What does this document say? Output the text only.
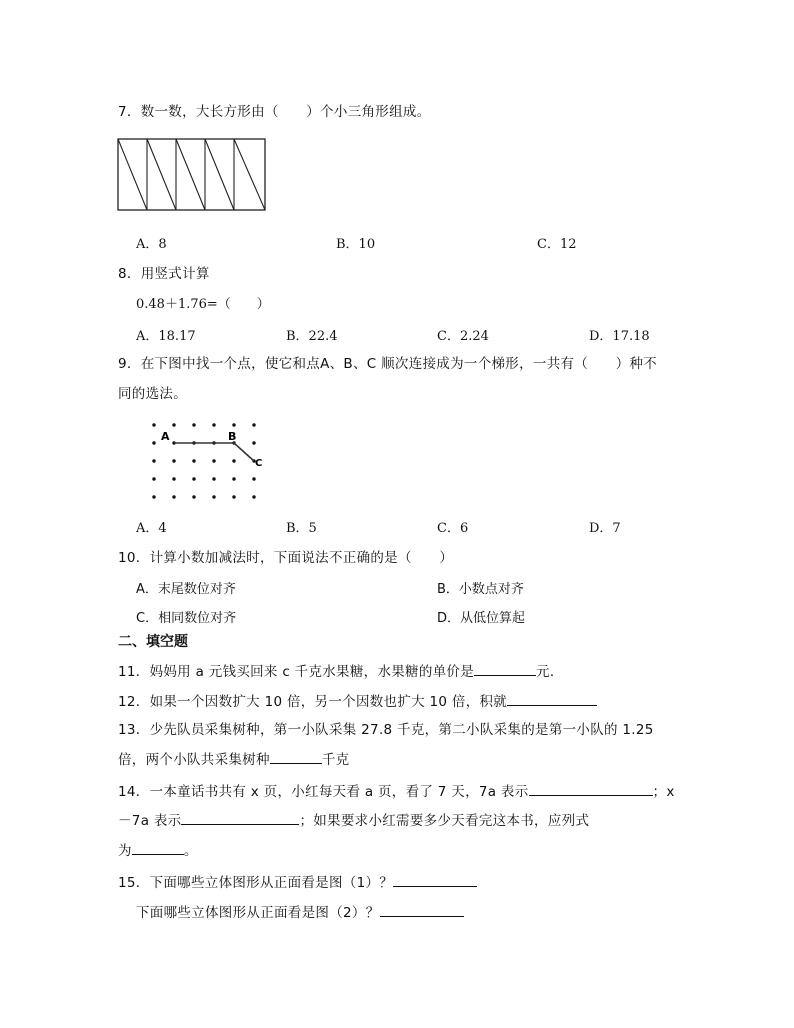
7．数一数，大长方形由（　　）个小三角形组成。
A．8	B．10	C．12
8．用竖式计算
0.48＋1.76=（　　）
A．18.17	B．22.4	C．2.24	D．17.18
9．在下图中找一个点，使它和点A、B、C 顺次连接成为一个梯形，一共有（　　）种不
同的选法。
A	B
C
A．4	B．5	C．6	D．7
10．计算小数加减法时，下面说法不正确的是（　　）
A．末尾数位对齐	B．小数点对齐
C．相同数位对齐	D．从低位算起
二、填空题
11．妈妈用 a 元钱买回来 c 千克水果糖，水果糖的单价是	元．
12．如果一个因数扩大 10 倍，另一个因数也扩大 10 倍，积就
13．少先队员采集树种，第一小队采集 27.8 千克，第二小队采集的是第一小队的 1.25
倍，两个小队共采集树种	千克
14．一本童话书共有 x 页，小红每天看 a 页，看了 7 天，7a 表示	；x
－7a 表示	；如果要求小红需要多少天看完这本书，应列式
为	。
15．下面哪些立体图形从正面看是图（1）？
下面哪些立体图形从正面看是图（2）？
